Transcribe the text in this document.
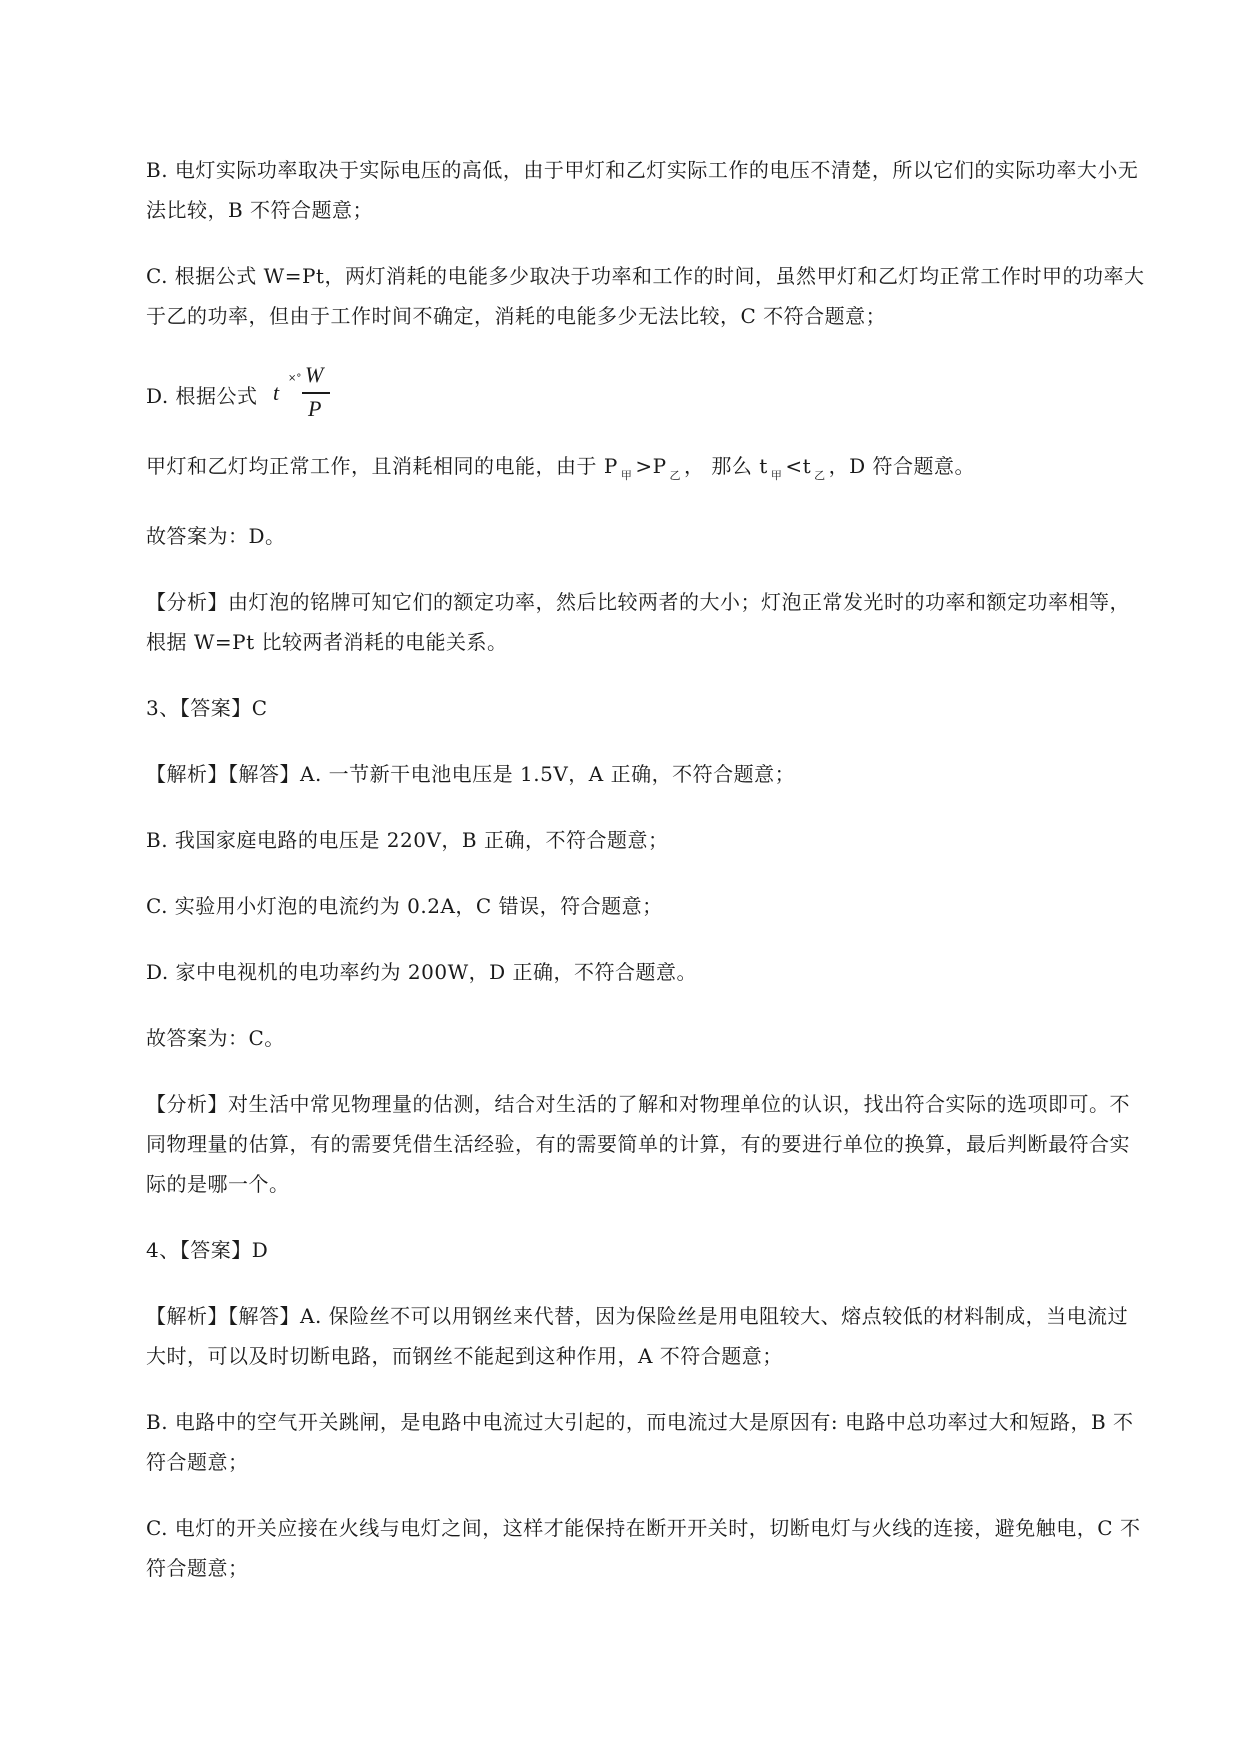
B. 电灯实际功率取决于实际电压的高低，由于甲灯和乙灯实际工作的电压不清楚，所以它们的实际功率大小无法比较，B 不符合题意；

C. 根据公式 W=Pt，两灯消耗的电能多少取决于功率和工作的时间，虽然甲灯和乙灯均正常工作时甲的功率大于乙的功率，但由于工作时间不确定，消耗的电能多少无法比较，C 不符合题意；

D. 根据公式 t
×° W
P

甲灯和乙灯均正常工作，且消耗相同的电能，由于 P $_甲$ >P $_乙$ ， 那么 t $_甲$ <t $_乙$ ，D 符合题意。

故答案为：D。

【分析】由灯泡的铭牌可知它们的额定功率，然后比较两者的大小；灯泡正常发光时的功率和额定功率相等，根据 W=Pt 比较两者消耗的电能关系。

3、【答案】C

【解析】【解答】A. 一节新干电池电压是 1.5V，A 正确，不符合题意；

B. 我国家庭电路的电压是 220V，B 正确，不符合题意；

C. 实验用小灯泡的电流约为 0.2A，C 错误，符合题意；

D. 家中电视机的电功率约为 200W，D 正确，不符合题意。

故答案为：C。

【分析】对生活中常见物理量的估测，结合对生活的了解和对物理单位的认识，找出符合实际的选项即可。不同物理量的估算，有的需要凭借生活经验，有的需要简单的计算，有的要进行单位的换算，最后判断最符合实际的是哪一个。

4、【答案】D

【解析】【解答】A. 保险丝不可以用钢丝来代替，因为保险丝是用电阻较大、熔点较低的材料制成，当电流过大时，可以及时切断电路，而钢丝不能起到这种作用，A 不符合题意；

B. 电路中的空气开关跳闸，是电路中电流过大引起的，而电流过大是原因有: 电路中总功率过大和短路，B 不符合题意；

C. 电灯的开关应接在火线与电灯之间，这样才能保持在断开开关时，切断电灯与火线的连接，避免触电，C 不符合题意；
